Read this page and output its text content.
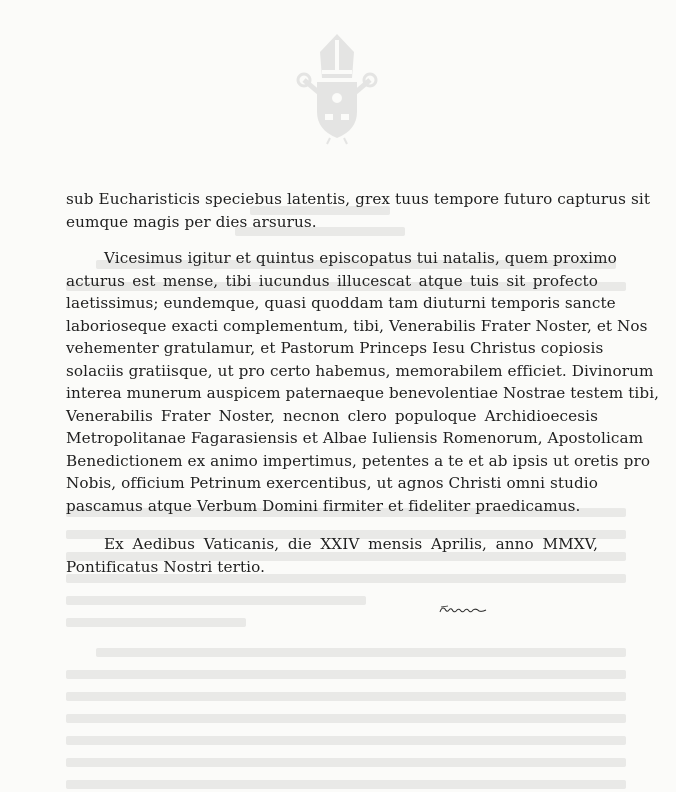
sub Eucharisticis speciebus latentis, grex tuus tempore futuro capturus sit
eumque magis per dies arsurus.
Vicesimus igitur et quintus episcopatus tui natalis, quem proximo
acturus est mense, tibi iucundus illucescat atque tuis sit profecto
laetissimus; eundemque, quasi quoddam tam diuturni temporis sancte
laborioseque exacti complementum, tibi, Venerabilis Frater Noster, et Nos
vehementer gratulamur, et Pastorum Princeps Iesu Christus copiosis
solaciis gratiisque, ut pro certo habemus, memorabilem efficiet. Divinorum
interea munerum auspicem paternaeque benevolentiae Nostrae testem tibi,
Venerabilis Frater Noster, necnon clero populoque Archidioecesis
Metropolitanae Fagarasiensis et Albae Iuliensis Romenorum, Apostolicam
Benedictionem ex animo impertimus, petentes a te et ab ipsis ut oretis pro
Nobis, officium Petrinum exercentibus, ut agnos Christi omni studio
pascamus atque Verbum Domini firmiter et fideliter praedicamus.
Ex Aedibus Vaticanis, die XXIV mensis Aprilis, anno MMXV,
Pontificatus Nostri tertio.
